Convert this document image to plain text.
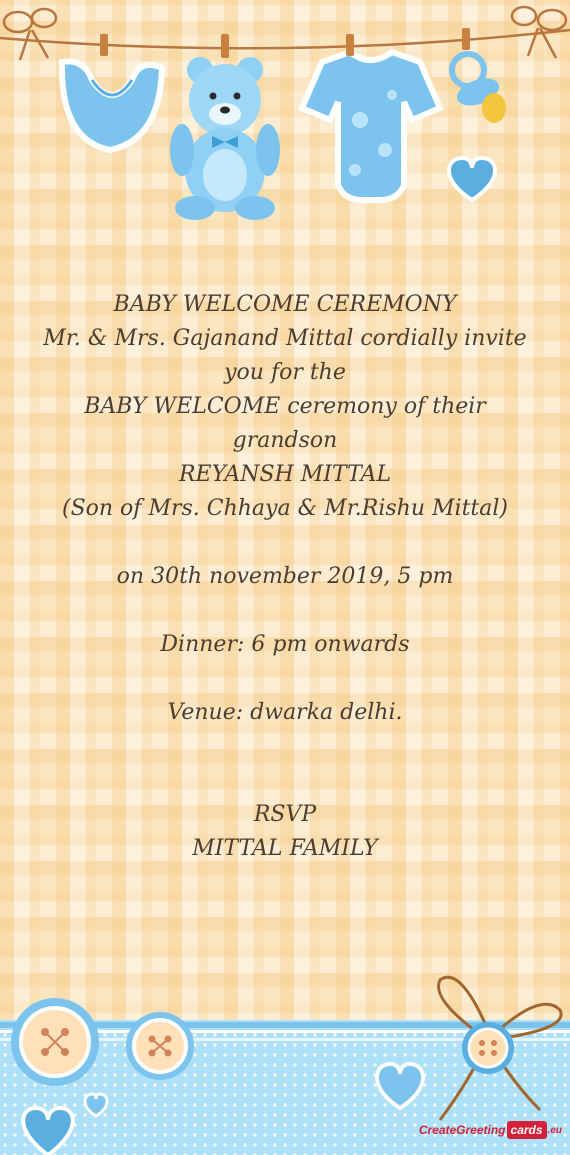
BABY WELCOME CEREMONY
Mr. & Mrs. Gajanand Mittal cordially invite
you for the
BABY WELCOME ceremony of their
grandson
REYANSH MITTAL
(Son of Mrs. Chhaya & Mr.Rishu Mittal)
on 30th november 2019, 5 pm
Dinner: 6 pm onwards
Venue: dwarka delhi.
RSVP
MITTAL FAMILY
CreateGreeting cards .eu
